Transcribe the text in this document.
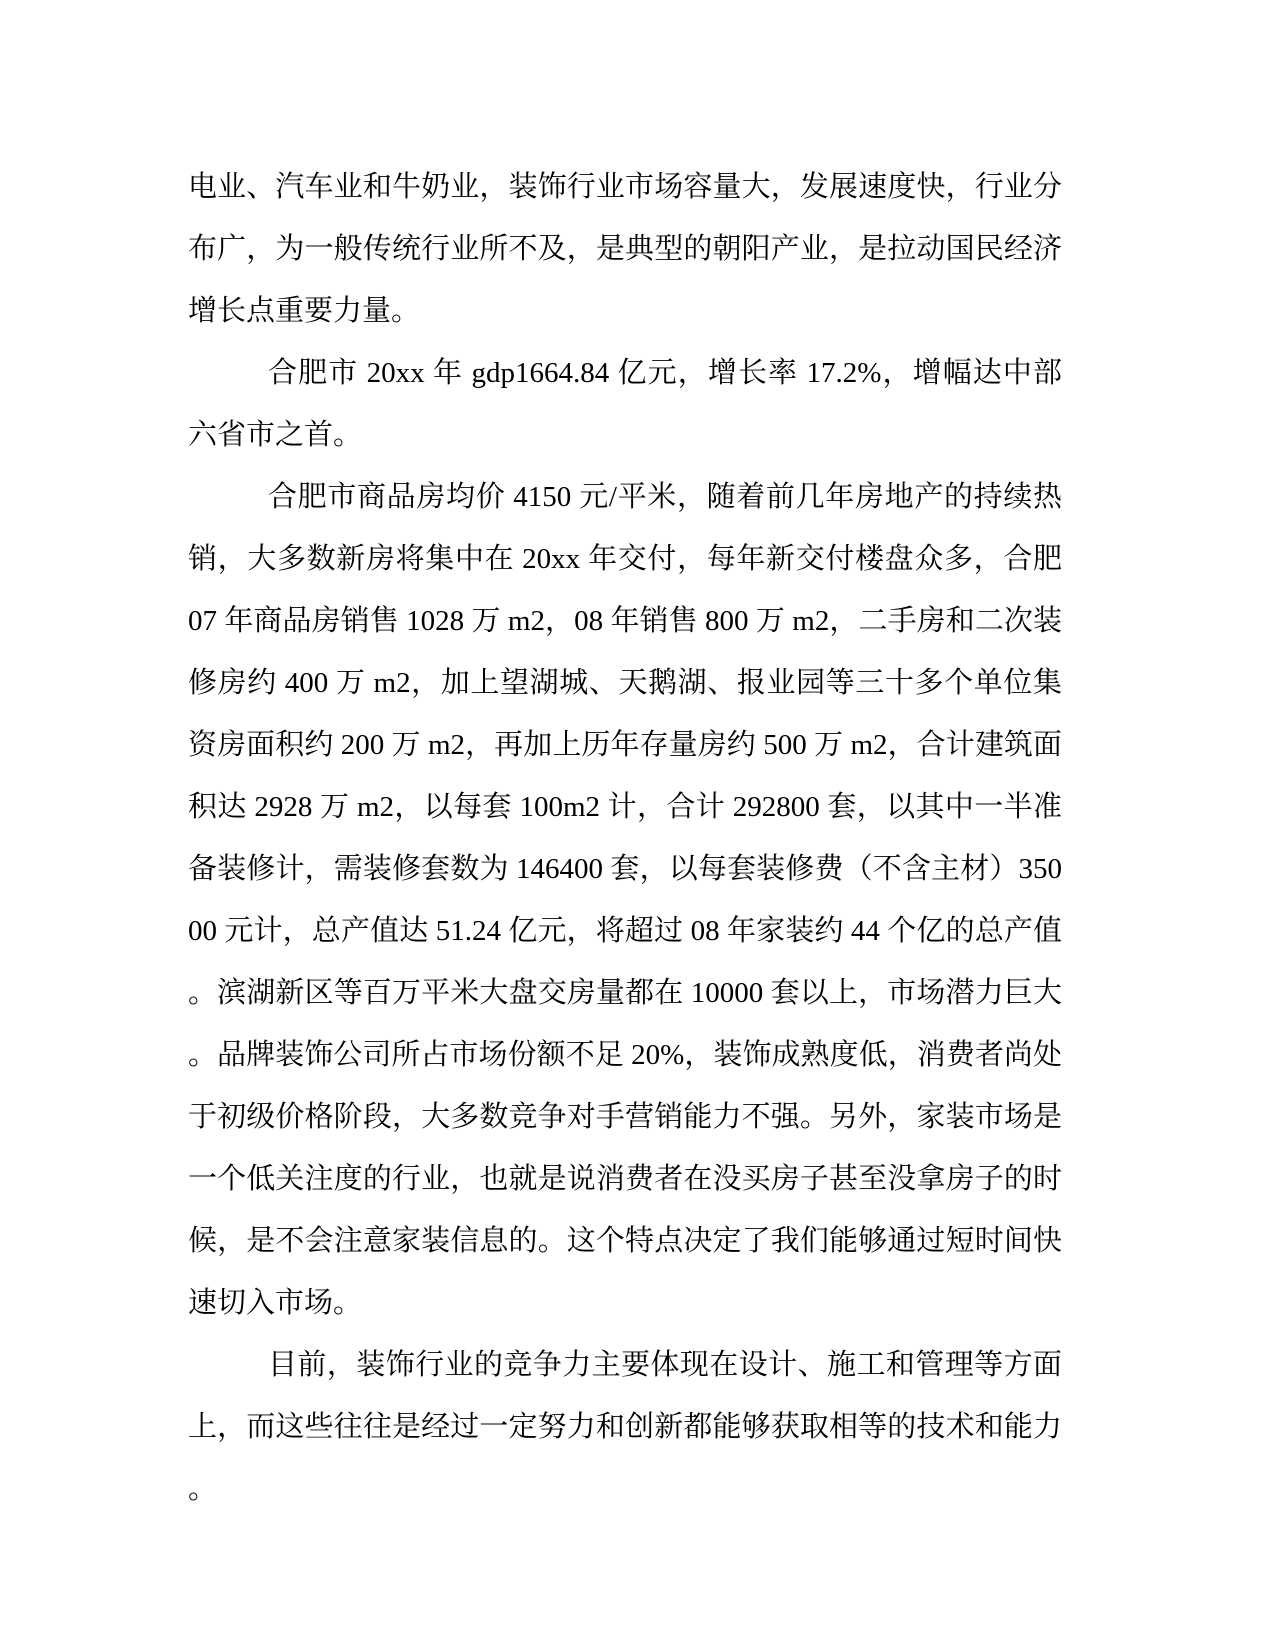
电业、汽车业和牛奶业，装饰行业市场容量大，发展速度快，行业分布广，为一般传统行业所不及，是典型的朝阳产业，是拉动国民经济增长点重要力量。

合肥市 20xx 年 gdp1664.84 亿元，增长率 17.2%，增幅达中部六省市之首。

合肥市商品房均价 4150 元/平米，随着前几年房地产的持续热销，大多数新房将集中在 20xx 年交付，每年新交付楼盘众多，合肥 07 年商品房销售 1028 万 m2，08 年销售 800 万 m2，二手房和二次装修房约 400 万 m2，加上望湖城、天鹅湖、报业园等三十多个单位集资房面积约 200 万 m2，再加上历年存量房约 500 万 m2，合计建筑面积达 2928 万 m2，以每套 100m2 计，合计 292800 套，以其中一半准备装修计，需装修套数为 146400 套，以每套装修费（不含主材）35000 元计，总产值达 51.24 亿元，将超过 08 年家装约 44 个亿的总产值。滨湖新区等百万平米大盘交房量都在 10000 套以上，市场潜力巨大。品牌装饰公司所占市场份额不足 20%，装饰成熟度低，消费者尚处于初级价格阶段，大多数竞争对手营销能力不强。另外，家装市场是一个低关注度的行业，也就是说消费者在没买房子甚至没拿房子的时候，是不会注意家装信息的。这个特点决定了我们能够通过短时间快速切入市场。

目前，装饰行业的竞争力主要体现在设计、施工和管理等方面上，而这些往往是经过一定努力和创新都能够获取相等的技术和能力。
